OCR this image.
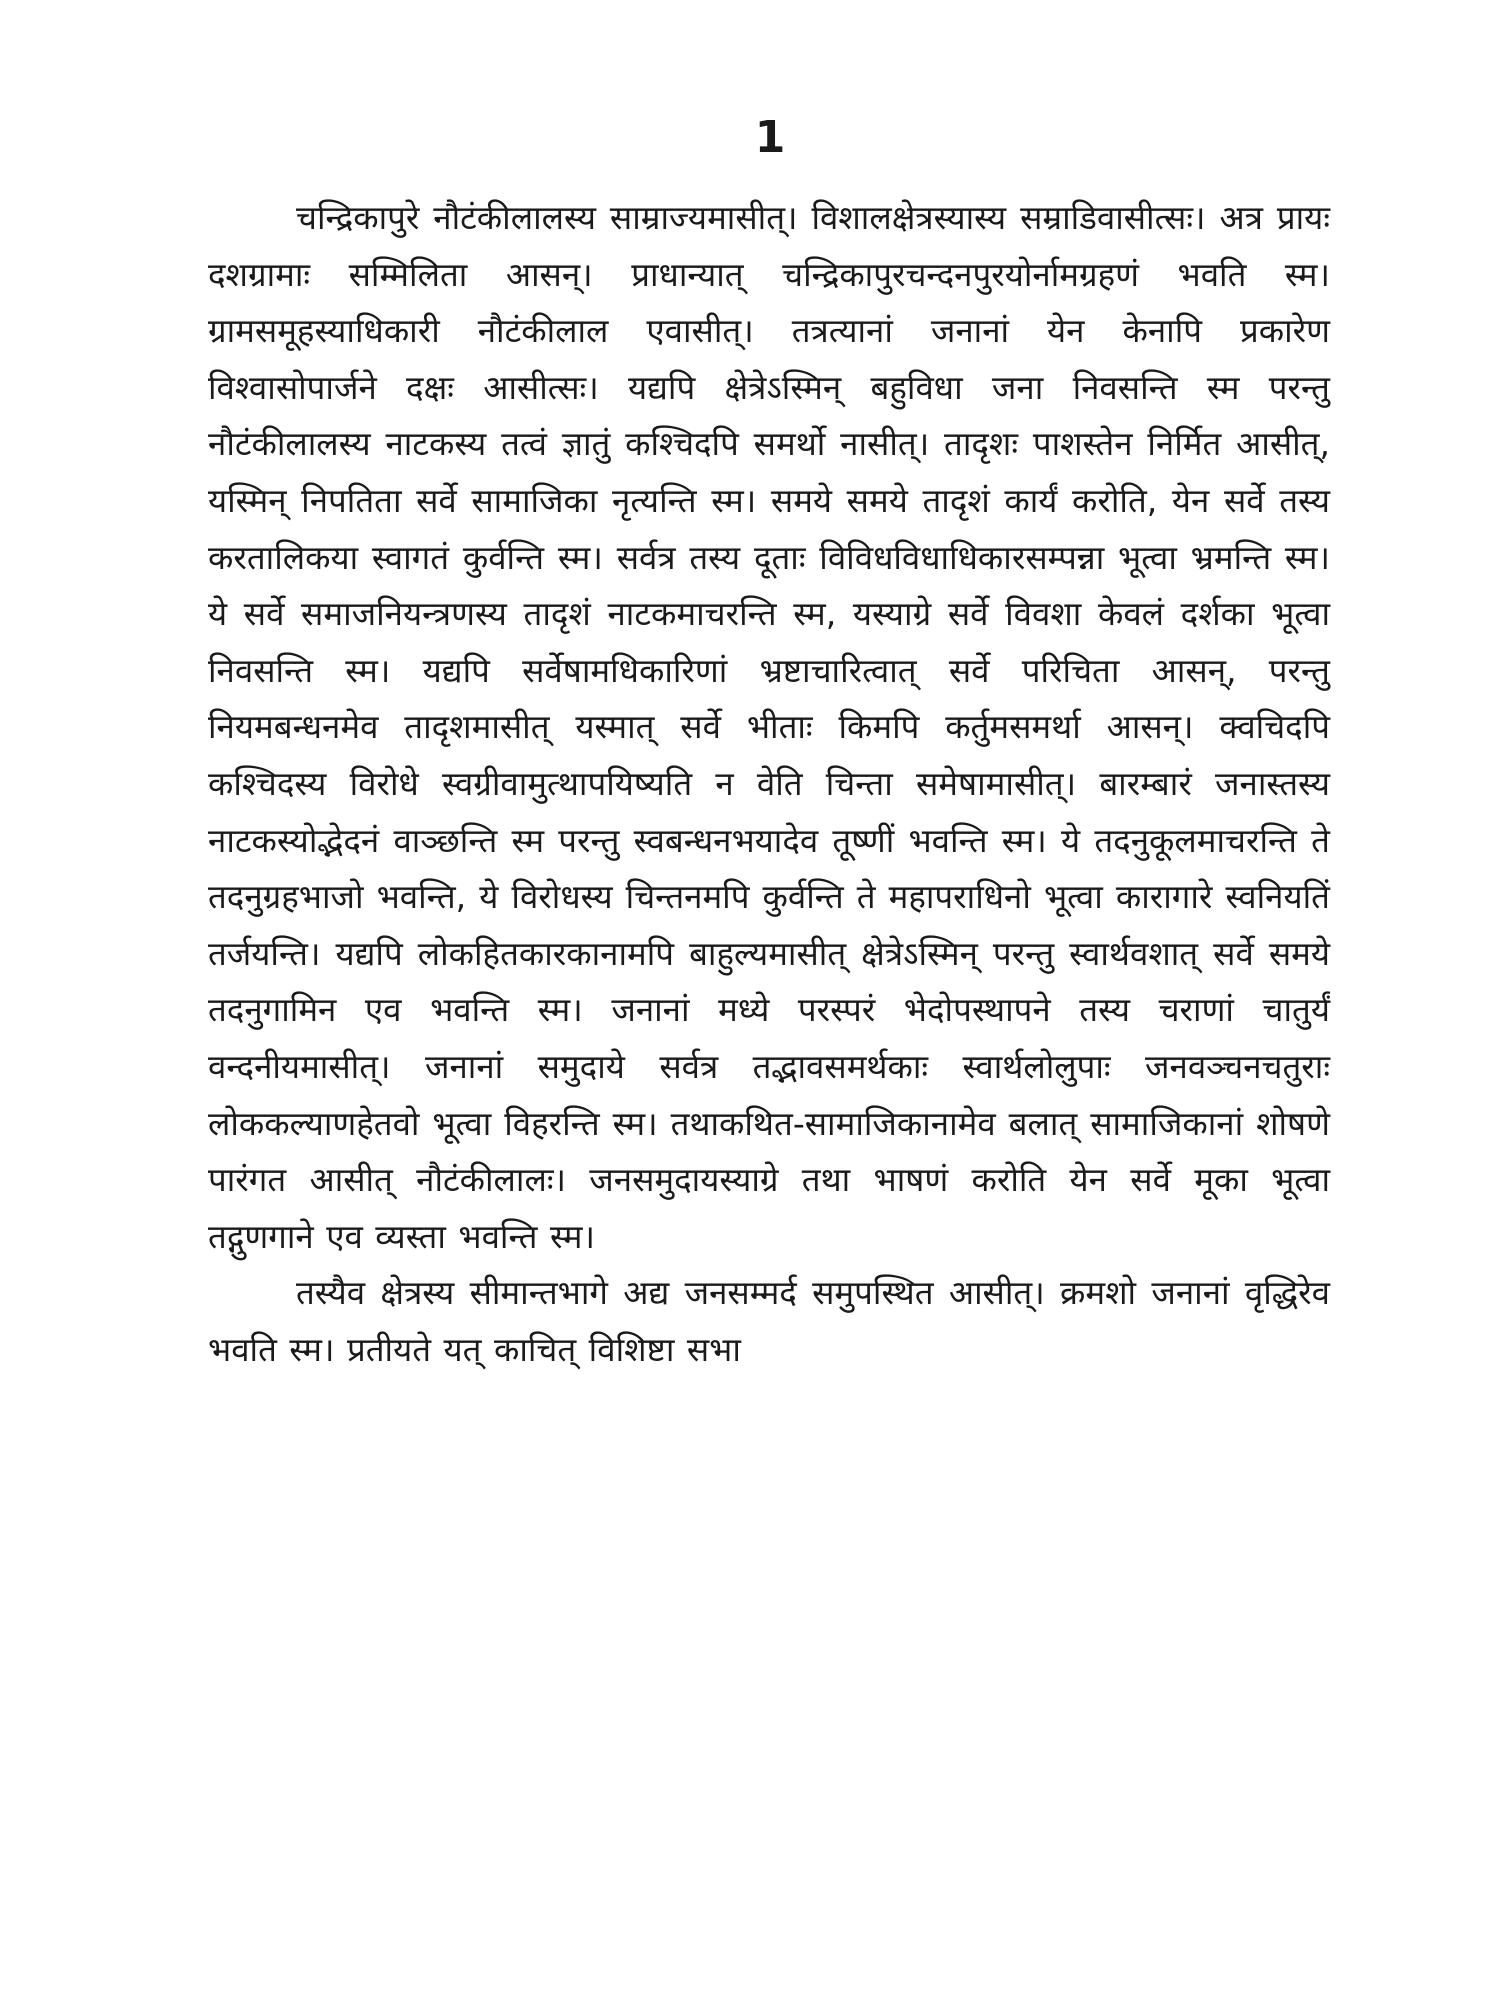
1

चन्द्रिकापुरे नौटंकीलालस्य साम्राज्यमासीत्। विशालक्षेत्रस्यास्य सम्राडिवासीत्सः। अत्र प्रायः दशग्रामाः सम्मिलिता आसन्। प्राधान्यात् चन्द्रिकापुरचन्दनपुरयोर्नामग्रहणं भवति स्म। ग्रामसमूहस्याधिकारी नौटंकीलाल एवासीत्। तत्रत्यानां जनानां येन केनापि प्रकारेण विश्वासोपार्जने दक्षः आसीत्सः। यद्यपि क्षेत्रेऽस्मिन् बहुविधा जना निवसन्ति स्म परन्तु नौटंकीलालस्य नाटकस्य तत्वं ज्ञातुं कश्चिदपि समर्थो नासीत्। तादृशः पाशस्तेन निर्मित आसीत्, यस्मिन् निपतिता सर्वे सामाजिका नृत्यन्ति स्म। समये समये तादृशं कार्यं करोति, येन सर्वे तस्य करतालिकया स्वागतं कुर्वन्ति स्म। सर्वत्र तस्य दूताः विविधविधाधिकारसम्पन्ना भूत्वा भ्रमन्ति स्म। ये सर्वे समाजनियन्त्रणस्य तादृशं नाटकमाचरन्ति स्म, यस्याग्रे सर्वे विवशा केवलं दर्शका भूत्वा निवसन्ति स्म। यद्यपि सर्वेषामधिकारिणां भ्रष्टाचारित्वात् सर्वे परिचिता आसन्, परन्तु नियमबन्धनमेव तादृशमासीत् यस्मात् सर्वे भीताः किमपि कर्तुमसमर्था आसन्। क्वचिदपि कश्चिदस्य विरोधे स्वग्रीवामुत्थापयिष्यति न वेति चिन्ता समेषामासीत्। बारम्बारं जनास्तस्य नाटकस्योद्भेदनं वाञ्छन्ति स्म परन्तु स्वबन्धनभयादेव तूष्णीं भवन्ति स्म। ये तदनुकूलमाचरन्ति ते तदनुग्रहभाजो भवन्ति, ये विरोधस्य चिन्तनमपि कुर्वन्ति ते महापराधिनो भूत्वा कारागारे स्वनियतिं तर्जयन्ति। यद्यपि लोकहितकारकानामपि बाहुल्यमासीत् क्षेत्रेऽस्मिन् परन्तु स्वार्थवशात् सर्वे समये तदनुगामिन एव भवन्ति स्म। जनानां मध्ये परस्परं भेदोपस्थापने तस्य चराणां चातुर्यं वन्दनीयमासीत्। जनानां समुदाये सर्वत्र तद्भावसमर्थकाः स्वार्थलोलुपाः जनवञ्चनचतुराः लोककल्याणहेतवो भूत्वा विहरन्ति स्म। तथाकथित-सामाजिकानामेव बलात् सामाजिकानां शोषणे पारंगत आसीत् नौटंकीलालः। जनसमुदायस्याग्रे तथा भाषणं करोति येन सर्वे मूका भूत्वा तद्गुणगाने एव व्यस्ता भवन्ति स्म।

तस्यैव क्षेत्रस्य सीमान्तभागे अद्य जनसम्मर्द समुपस्थित आसीत्। क्रमशो जनानां वृद्धिरेव भवति स्म। प्रतीयते यत् काचित् विशिष्टा सभा
